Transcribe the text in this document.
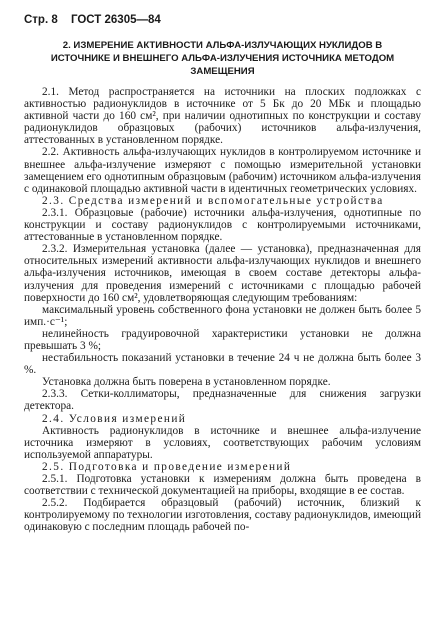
Стр. 8 ГОСТ 26305—84
2. ИЗМЕРЕНИЕ АКТИВНОСТИ АЛЬФА-ИЗЛУЧАЮЩИХ НУКЛИДОВ В ИСТОЧНИКЕ И ВНЕШНЕГО АЛЬФА-ИЗЛУЧЕНИЯ ИСТОЧНИКА МЕТОДОМ ЗАМЕЩЕНИЯ

2.1. Метод распространяется на источники на плоских подложках с активностью радионуклидов в источнике от 5 Бк до 20 МБк и площадью активной части до 160 см², при наличии однотипных по конструкции и составу радионуклидов образцовых (рабочих) источников альфа-излучения, аттестованных в установленном порядке.

2.2. Активность альфа-излучающих нуклидов в контролируемом источнике и внешнее альфа-излучение измеряют с помощью измерительной установки замещением его однотипным образцовым (рабочим) источником альфа-излучения с одинаковой площадью активной части в идентичных геометрических условиях.

2.3. Средства измерений и вспомогательные устройства

2.3.1. Образцовые (рабочие) источники альфа-излучения, однотипные по конструкции и составу радионуклидов с контролируемыми источниками, аттестованные в установленном порядке.

2.3.2. Измерительная установка (далее — установка), предназначенная для относительных измерений активности альфа-излучающих нуклидов и внешнего альфа-излучения источников, имеющая в своем составе детекторы альфа-излучения для проведения измерений с источниками с площадью рабочей поверхности до 160 см², удовлетворяющая следующим требованиям:

максимальный уровень собственного фона установки не должен быть более 5 имп.·с⁻¹;

нелинейность градуировочной характеристики установки не должна превышать 3 %;

нестабильность показаний установки в течение 24 ч не должна быть более 3 %.

Установка должна быть поверена в установленном порядке.

2.3.3. Сетки-коллиматоры, предназначенные для снижения загрузки детектора.

2.4. Условия измерений

Активность радионуклидов в источнике и внешнее альфа-излучение источника измеряют в условиях, соответствующих рабочим условиям используемой аппаратуры.

2.5. Подготовка и проведение измерений

2.5.1. Подготовка установки к измерениям должна быть проведена в соответствии с технической документацией на приборы, входящие в ее состав.

2.5.2. Подбирается образцовый (рабочий) источник, близкий к контролируемому по технологии изготовления, составу радионуклидов, имеющий одинаковую с последним площадь рабочей по-
